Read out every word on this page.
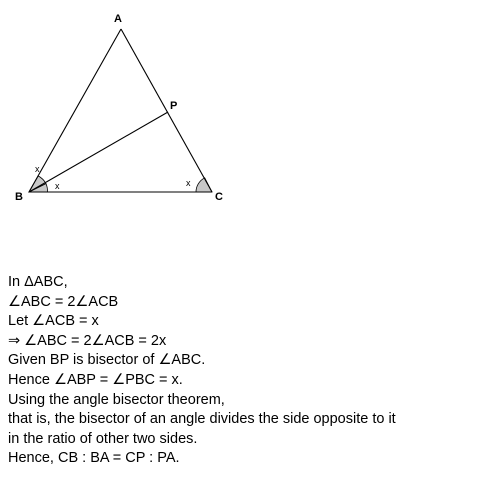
A
B	C
P
x
x	x
In ΔABC,
∠ABC = 2∠ACB
Let ∠ACB = x
⇒ ∠ABC = 2∠ACB = 2x
Given BP is bisector of ∠ABC.
Hence ∠ABP = ∠PBC = x.
Using the angle bisector theorem,
that is, the bisector of an angle divides the side opposite to it
in the ratio of other two sides.
Hence, CB : BA = CP : PA.
